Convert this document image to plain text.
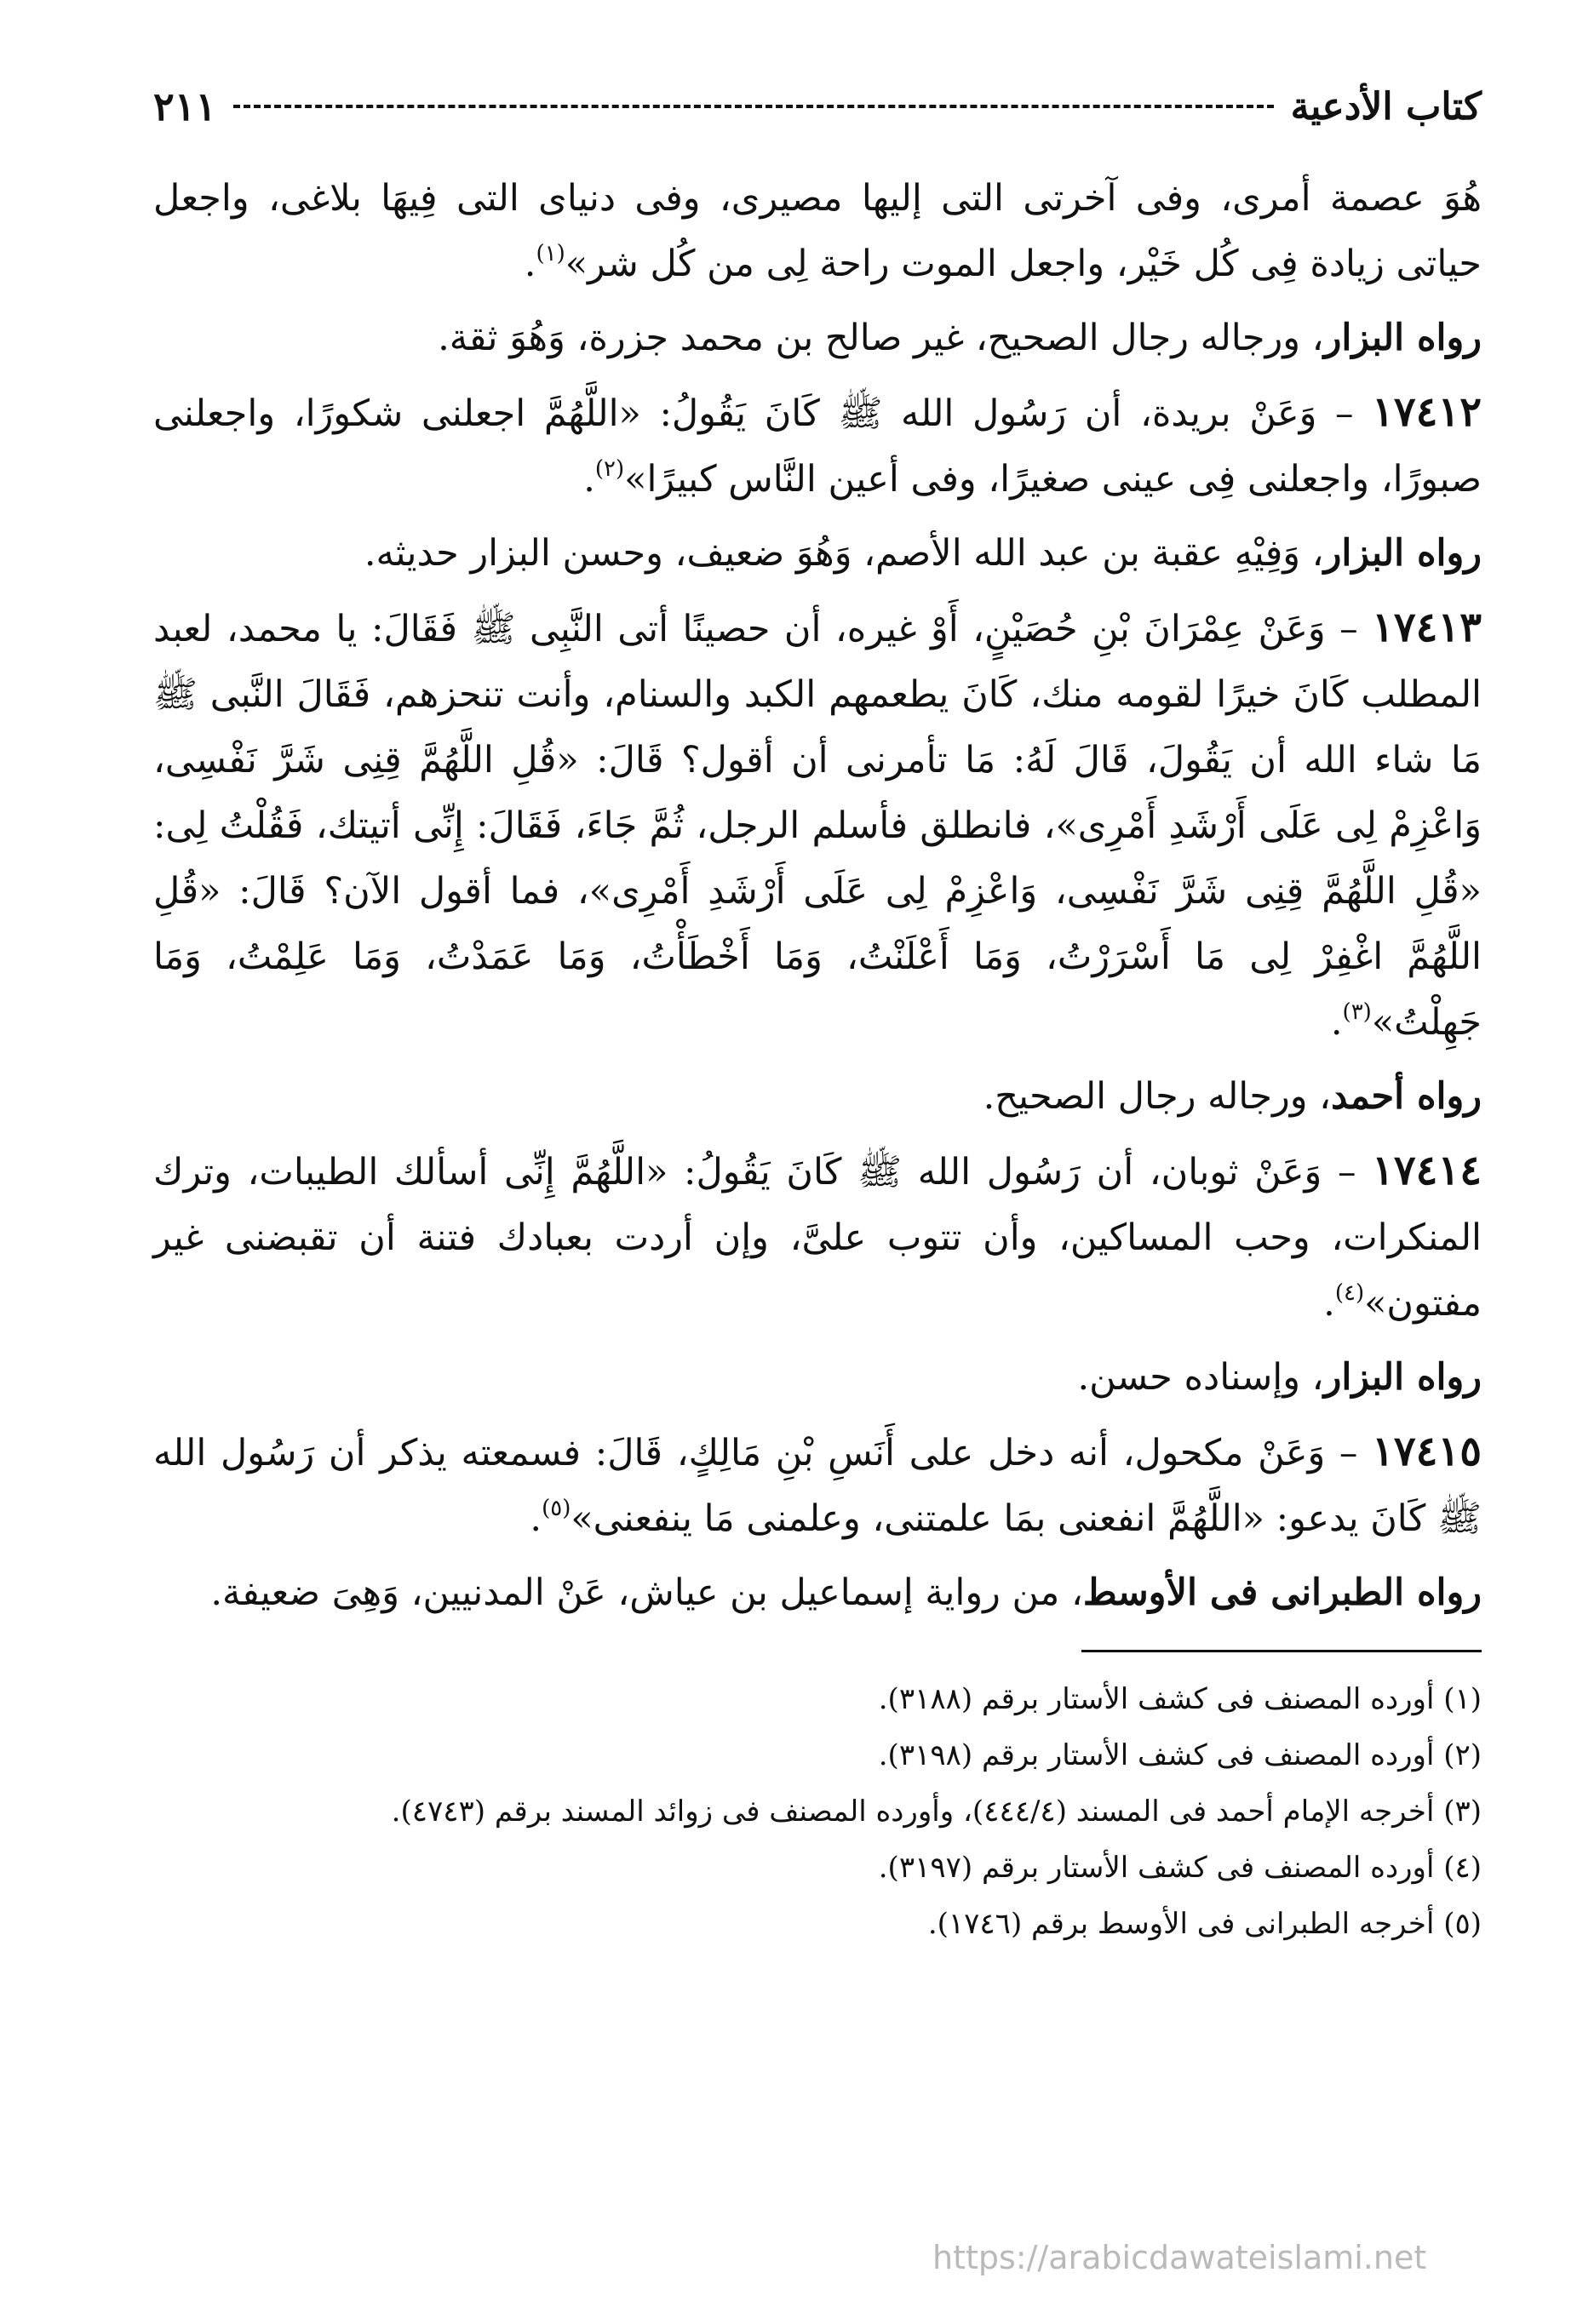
كتاب الأدعية
٢١١

هُوَ عصمة أمرى، وفى آخرتى التى إليها مصيرى، وفى دنياى التى فِيهَا بلاغى، واجعل حياتى زيادة فِى كُل خَيْر، واجعل الموت راحة لِى من كُل شر»$^{(١)}$.

رواه البزار، ورجاله رجال الصحيح، غير صالح بن محمد جزرة، وَهُوَ ثقة.

١٧٤١٢ – وَعَنْ بريدة، أن رَسُول الله ﷺ كَانَ يَقُولُ: «اللَّهُمَّ اجعلنى شكورًا، واجعلنى صبورًا، واجعلنى فِى عينى صغيرًا، وفى أعين النَّاس كبيرًا»$^{(٢)}$.

رواه البزار، وَفِيْهِ عقبة بن عبد الله الأصم، وَهُوَ ضعيف، وحسن البزار حديثه.

١٧٤١٣ – وَعَنْ عِمْرَانَ بْنِ حُصَيْنٍ، أَوْ غيره، أن حصينًا أتى النَّبِى ﷺ فَقَالَ: يا محمد، لعبد المطلب كَانَ خيرًا لقومه منك، كَانَ يطعمهم الكبد والسنام، وأنت تنحزهم، فَقَالَ النَّبى ﷺ مَا شاء الله أن يَقُولَ، قَالَ لَهُ: مَا تأمرنى أن أقول؟ قَالَ: «قُلِ اللَّهُمَّ قِنِى شَرَّ نَفْسِى، وَاعْزِمْ لِى عَلَى أَرْشَدِ أَمْرِى»، فانطلق فأسلم الرجل، ثُمَّ جَاءَ، فَقَالَ: إِنِّى أتيتك، فَقُلْتُ لِى: «قُلِ اللَّهُمَّ قِنِى شَرَّ نَفْسِى، وَاعْزِمْ لِى عَلَى أَرْشَدِ أَمْرِى»، فما أقول الآن؟ قَالَ: «قُلِ اللَّهُمَّ اغْفِرْ لِى مَا أَسْرَرْتُ، وَمَا أَعْلَنْتُ، وَمَا أَخْطَأْتُ، وَمَا عَمَدْتُ، وَمَا عَلِمْتُ، وَمَا جَهِلْتُ»$^{(٣)}$.

رواه أحمد، ورجاله رجال الصحيح.

١٧٤١٤ – وَعَنْ ثوبان، أن رَسُول الله ﷺ كَانَ يَقُولُ: «اللَّهُمَّ إِنِّى أسألك الطيبات، وترك المنكرات، وحب المساكين، وأن تتوب علىَّ، وإن أردت بعبادك فتنة أن تقبضنى غير مفتون»$^{(٤)}$.

رواه البزار، وإسناده حسن.

١٧٤١٥ – وَعَنْ مكحول، أنه دخل على أَنَسِ بْنِ مَالِكٍ، قَالَ: فسمعته يذكر أن رَسُول الله ﷺ كَانَ يدعو: «اللَّهُمَّ انفعنى بمَا علمتنى، وعلمنى مَا ينفعنى»$^{(٥)}$.

رواه الطبرانى فى الأوسط، من رواية إسماعيل بن عياش، عَنْ المدنيين، وَهِىَ ضعيفة.

(١) أورده المصنف فى كشف الأستار برقم (٣١٨٨).

(٢) أورده المصنف فى كشف الأستار برقم (٣١٩٨).

(٣) أخرجه الإمام أحمد فى المسند (٤٤٤/٤)، وأورده المصنف فى زوائد المسند برقم (٤٧٤٣).

(٤) أورده المصنف فى كشف الأستار برقم (٣١٩٧).

(٥) أخرجه الطبرانى فى الأوسط برقم (١٧٤٦).

https://arabicdawateislami.net
